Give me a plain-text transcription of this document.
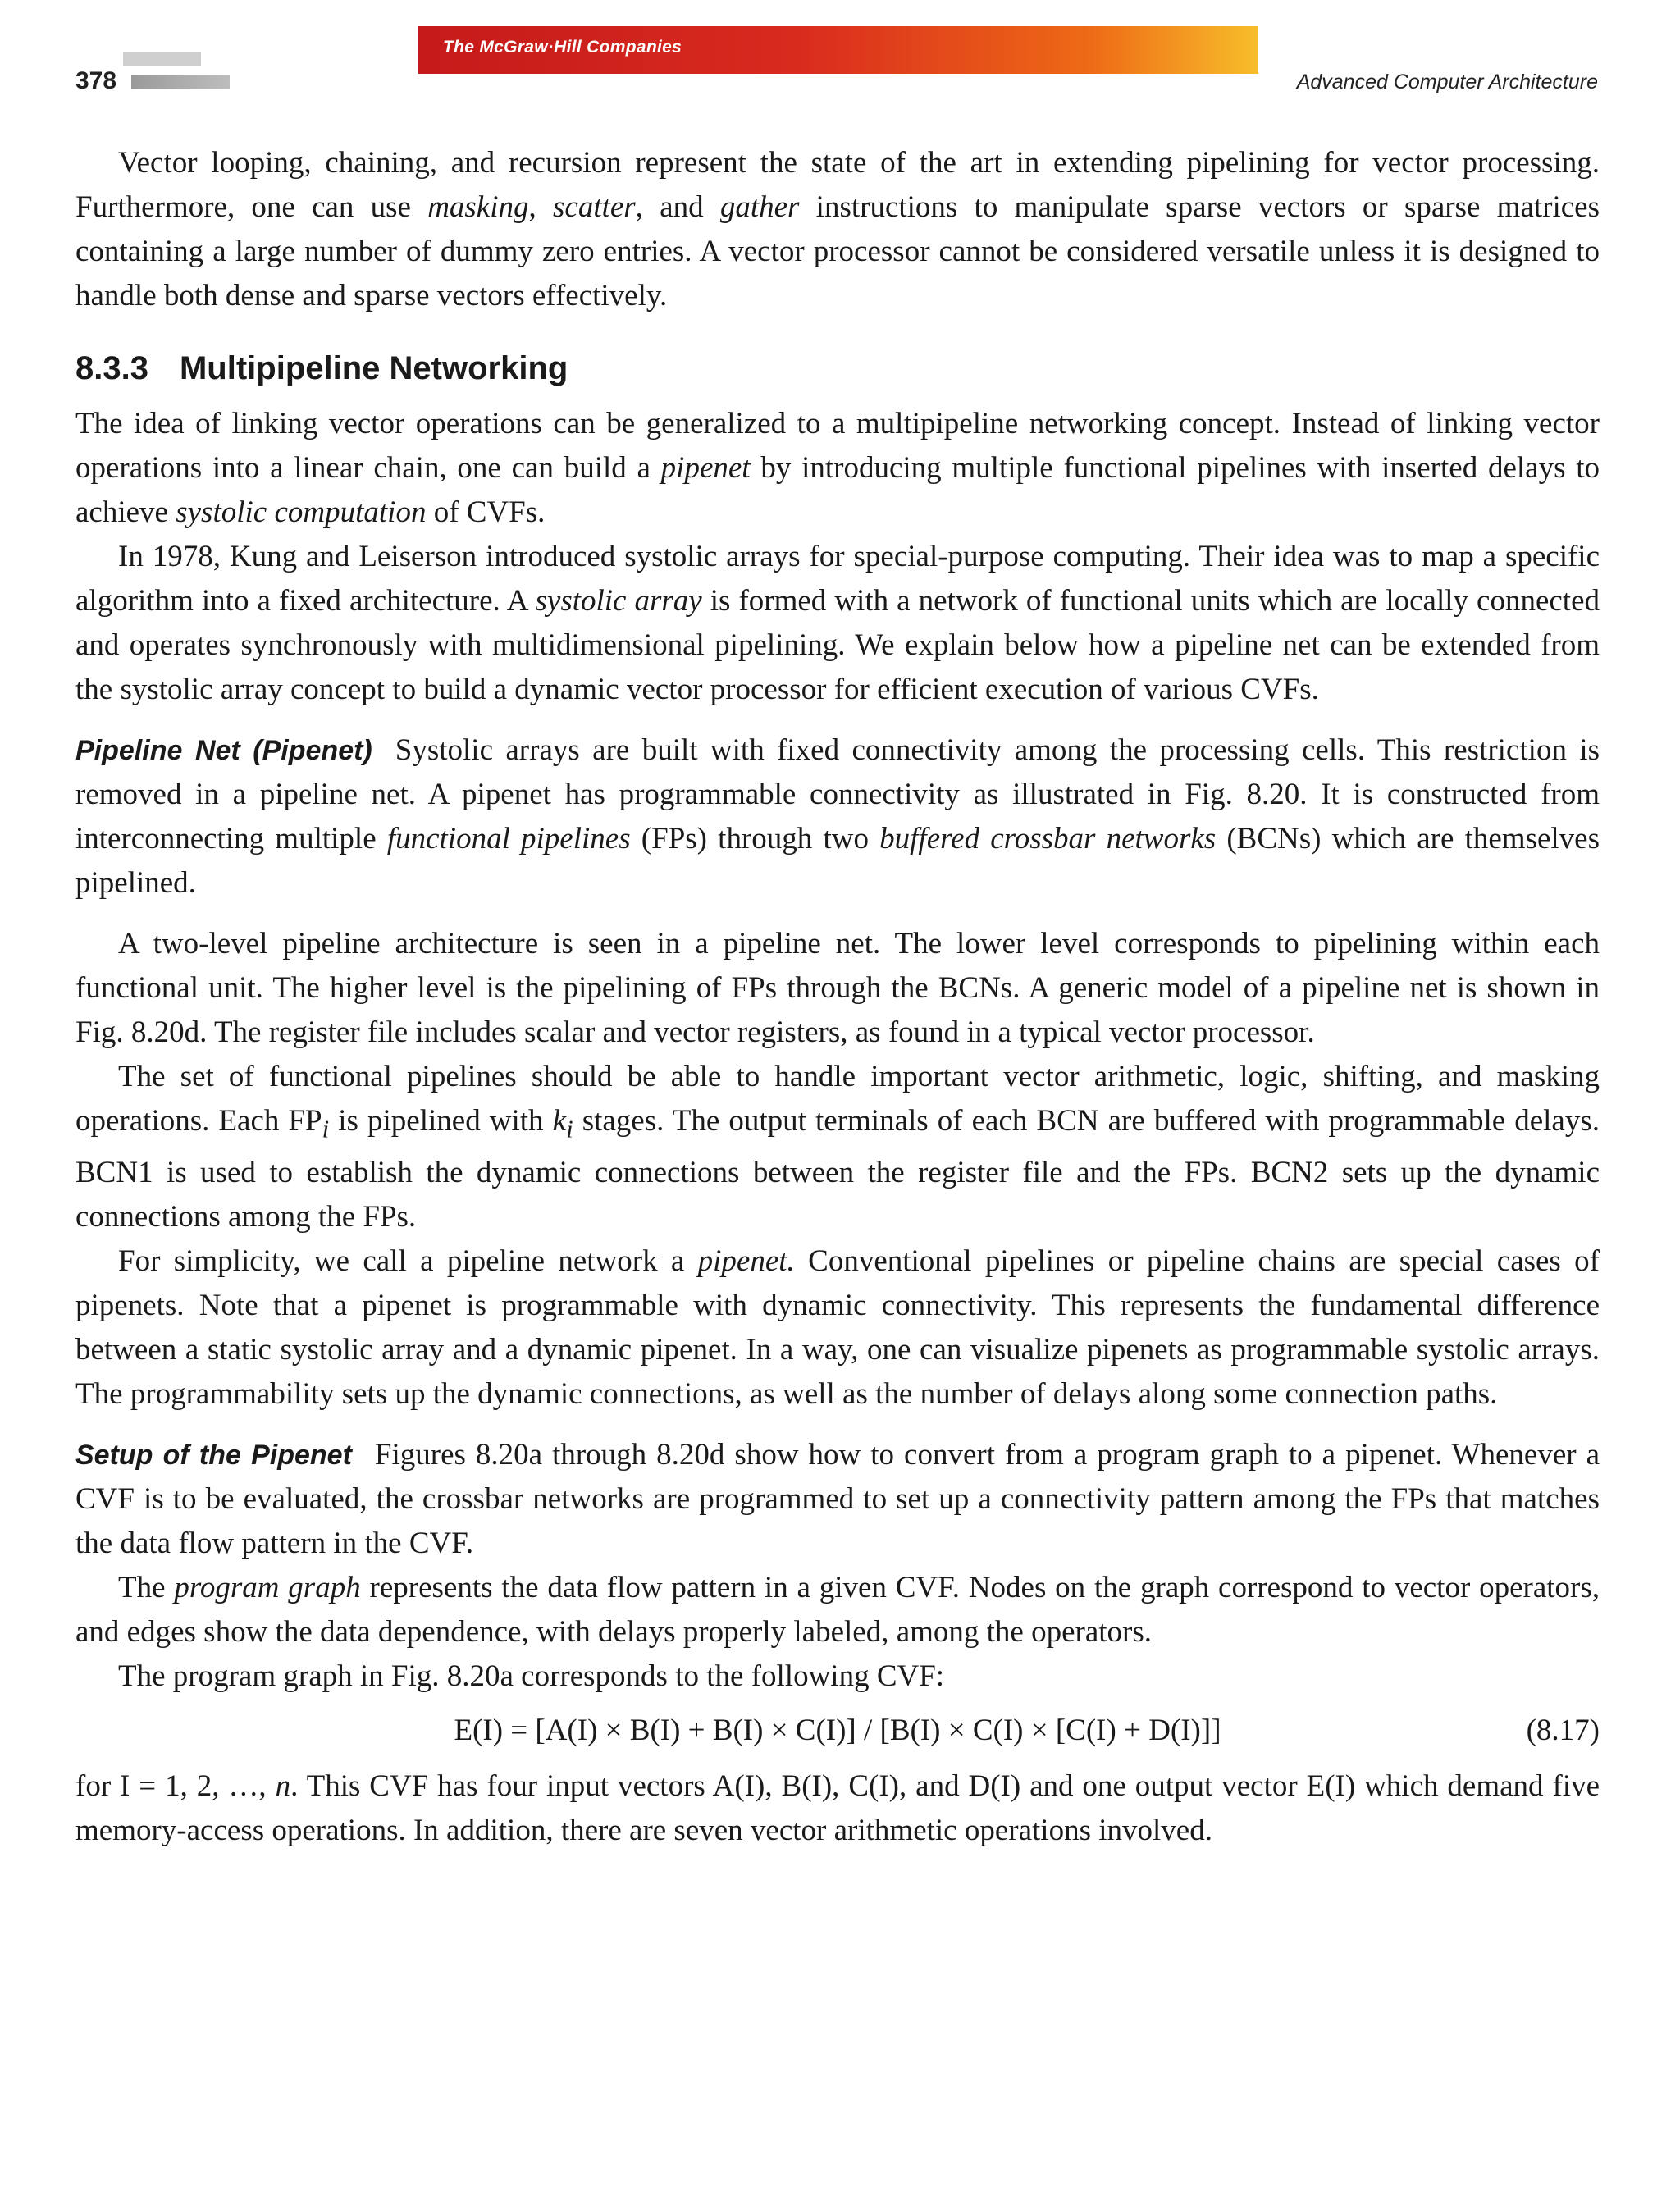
378
The McGraw·Hill Companies
Advanced Computer Architecture

Vector looping, chaining, and recursion represent the state of the art in extending pipelining for vector processing. Furthermore, one can use masking, scatter, and gather instructions to manipulate sparse vectors or sparse matrices containing a large number of dummy zero entries. A vector processor cannot be considered versatile unless it is designed to handle both dense and sparse vectors effectively.

8.3.3 Multipipeline Networking

The idea of linking vector operations can be generalized to a multipipeline networking concept. Instead of linking vector operations into a linear chain, one can build a pipenet by introducing multiple functional pipelines with inserted delays to achieve systolic computation of CVFs.

In 1978, Kung and Leiserson introduced systolic arrays for special-purpose computing. Their idea was to map a specific algorithm into a fixed architecture. A systolic array is formed with a network of functional units which are locally connected and operates synchronously with multidimensional pipelining. We explain below how a pipeline net can be extended from the systolic array concept to build a dynamic vector processor for efficient execution of various CVFs.

Pipeline Net (Pipenet) Systolic arrays are built with fixed connectivity among the processing cells. This restriction is removed in a pipeline net. A pipenet has programmable connectivity as illustrated in Fig. 8.20. It is constructed from interconnecting multiple functional pipelines (FPs) through two buffered crossbar networks (BCNs) which are themselves pipelined.

A two-level pipeline architecture is seen in a pipeline net. The lower level corresponds to pipelining within each functional unit. The higher level is the pipelining of FPs through the BCNs. A generic model of a pipeline net is shown in Fig. 8.20d. The register file includes scalar and vector registers, as found in a typical vector processor.

The set of functional pipelines should be able to handle important vector arithmetic, logic, shifting, and masking operations. Each $FP_i$ is pipelined with $k_i$ stages. The output terminals of each BCN are buffered with programmable delays. BCN1 is used to establish the dynamic connections between the register file and the FPs. BCN2 sets up the dynamic connections among the FPs.

For simplicity, we call a pipeline network a pipenet. Conventional pipelines or pipeline chains are special cases of pipenets. Note that a pipenet is programmable with dynamic connectivity. This represents the fundamental difference between a static systolic array and a dynamic pipenet. In a way, one can visualize pipenets as programmable systolic arrays. The programmability sets up the dynamic connections, as well as the number of delays along some connection paths.

Setup of the Pipenet Figures 8.20a through 8.20d show how to convert from a program graph to a pipenet. Whenever a CVF is to be evaluated, the crossbar networks are programmed to set up a connectivity pattern among the FPs that matches the data flow pattern in the CVF.

The program graph represents the data flow pattern in a given CVF. Nodes on the graph correspond to vector operators, and edges show the data dependence, with delays properly labeled, among the operators.

The program graph in Fig. 8.20a corresponds to the following CVF:

E(I) = [A(I) × B(I) + B(I) × C(I)] / [B(I) × C(I) × [C(I) + D(I)]]	(8.17)

for I = 1, 2, …, n. This CVF has four input vectors A(I), B(I), C(I), and D(I) and one output vector E(I) which demand five memory-access operations. In addition, there are seven vector arithmetic operations involved.
